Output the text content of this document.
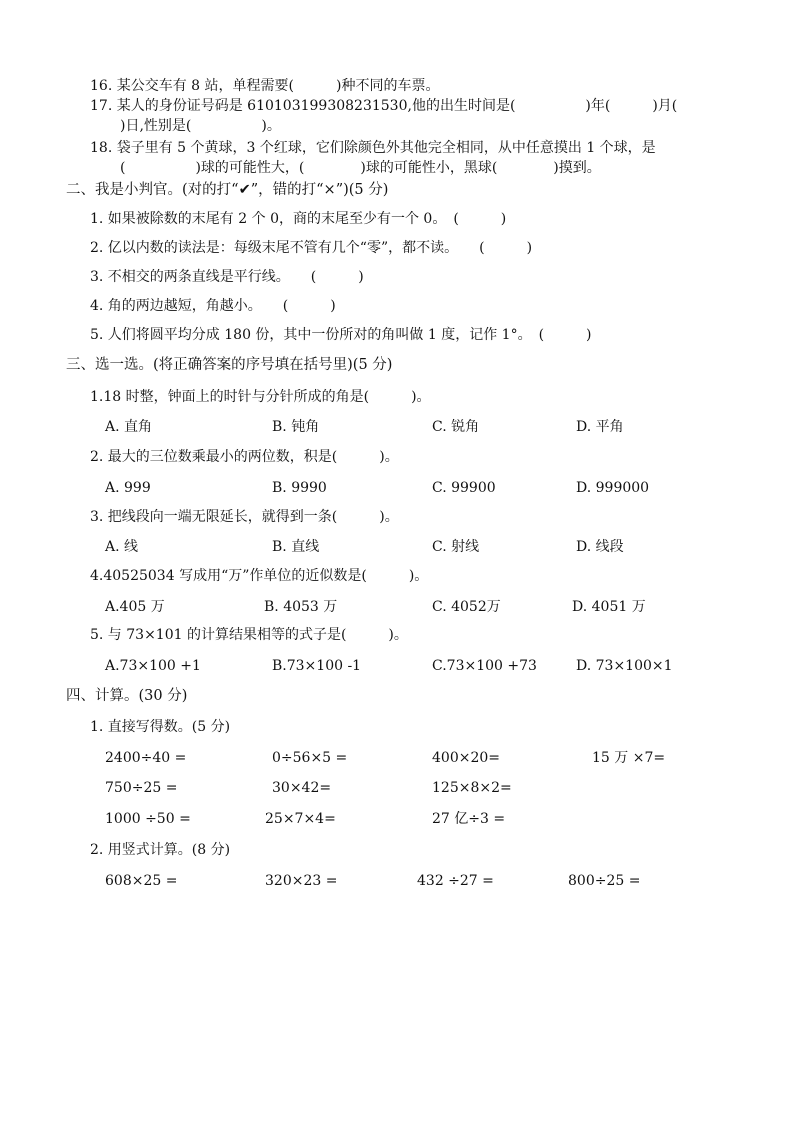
16. 某公交车有 8 站，单程需要(　　　)种不同的车票。
17. 某人的身份证号码是 610103199308231530,他的出生时间是(　　　　　)年(　　　)月(
)日,性别是(　　　　　)。
18. 袋子里有 5 个黄球，3 个红球，它们除颜色外其他完全相同，从中任意摸出 1 个球，是
(　　　　　)球的可能性大，(　　　　)球的可能性小，黑球(　　　　)摸到。
二、我是小判官。(对的打“✔”，错的打“×”)(5 分)
1. 如果被除数的末尾有 2 个 0，商的末尾至少有一个 0。　(　　　)
2. 亿以内数的读法是：每级末尾不管有几个“零”，都不读。　　(　　　)
3. 不相交的两条直线是平行线。　　(　　　)
4. 角的两边越短，角越小。　　(　　　)
5. 人们将圆平均分成 180 份，其中一份所对的角叫做 1 度，记作 1°。　(　　　)
三、选一选。(将正确答案的序号填在括号里)(5 分)
1.18 时整，钟面上的时针与分针所成的角是(　　　)。
A. 直角	B. 钝角	C. 锐角	D. 平角
2. 最大的三位数乘最小的两位数，积是(　　　)。
A. 999	B. 9990	C. 99900	D. 999000
3. 把线段向一端无限延长，就得到一条(　　　)。
A. 线	B. 直线	C. 射线	D. 线段
4.40525034 写成用“万”作单位的近似数是(　　　)。
A.405 万	B. 4053 万	C. 4052万	D. 4051 万
5. 与 73×101 的计算结果相等的式子是(　　　)。
A.73×100 +1	B.73×100 -1	C.73×100 +73	D. 73×100×1
四、计算。(30 分)
1. 直接写得数。(5 分)
2400÷40 =	0÷56×5 =	400×20=	15 万 ×7=
750÷25 =	30×42=	125×8×2=
1000 ÷50 =	25×7×4=	27 亿÷3 =
2. 用竖式计算。(8 分)
608×25 =	320×23 =	432 ÷27 =	800÷25 =
